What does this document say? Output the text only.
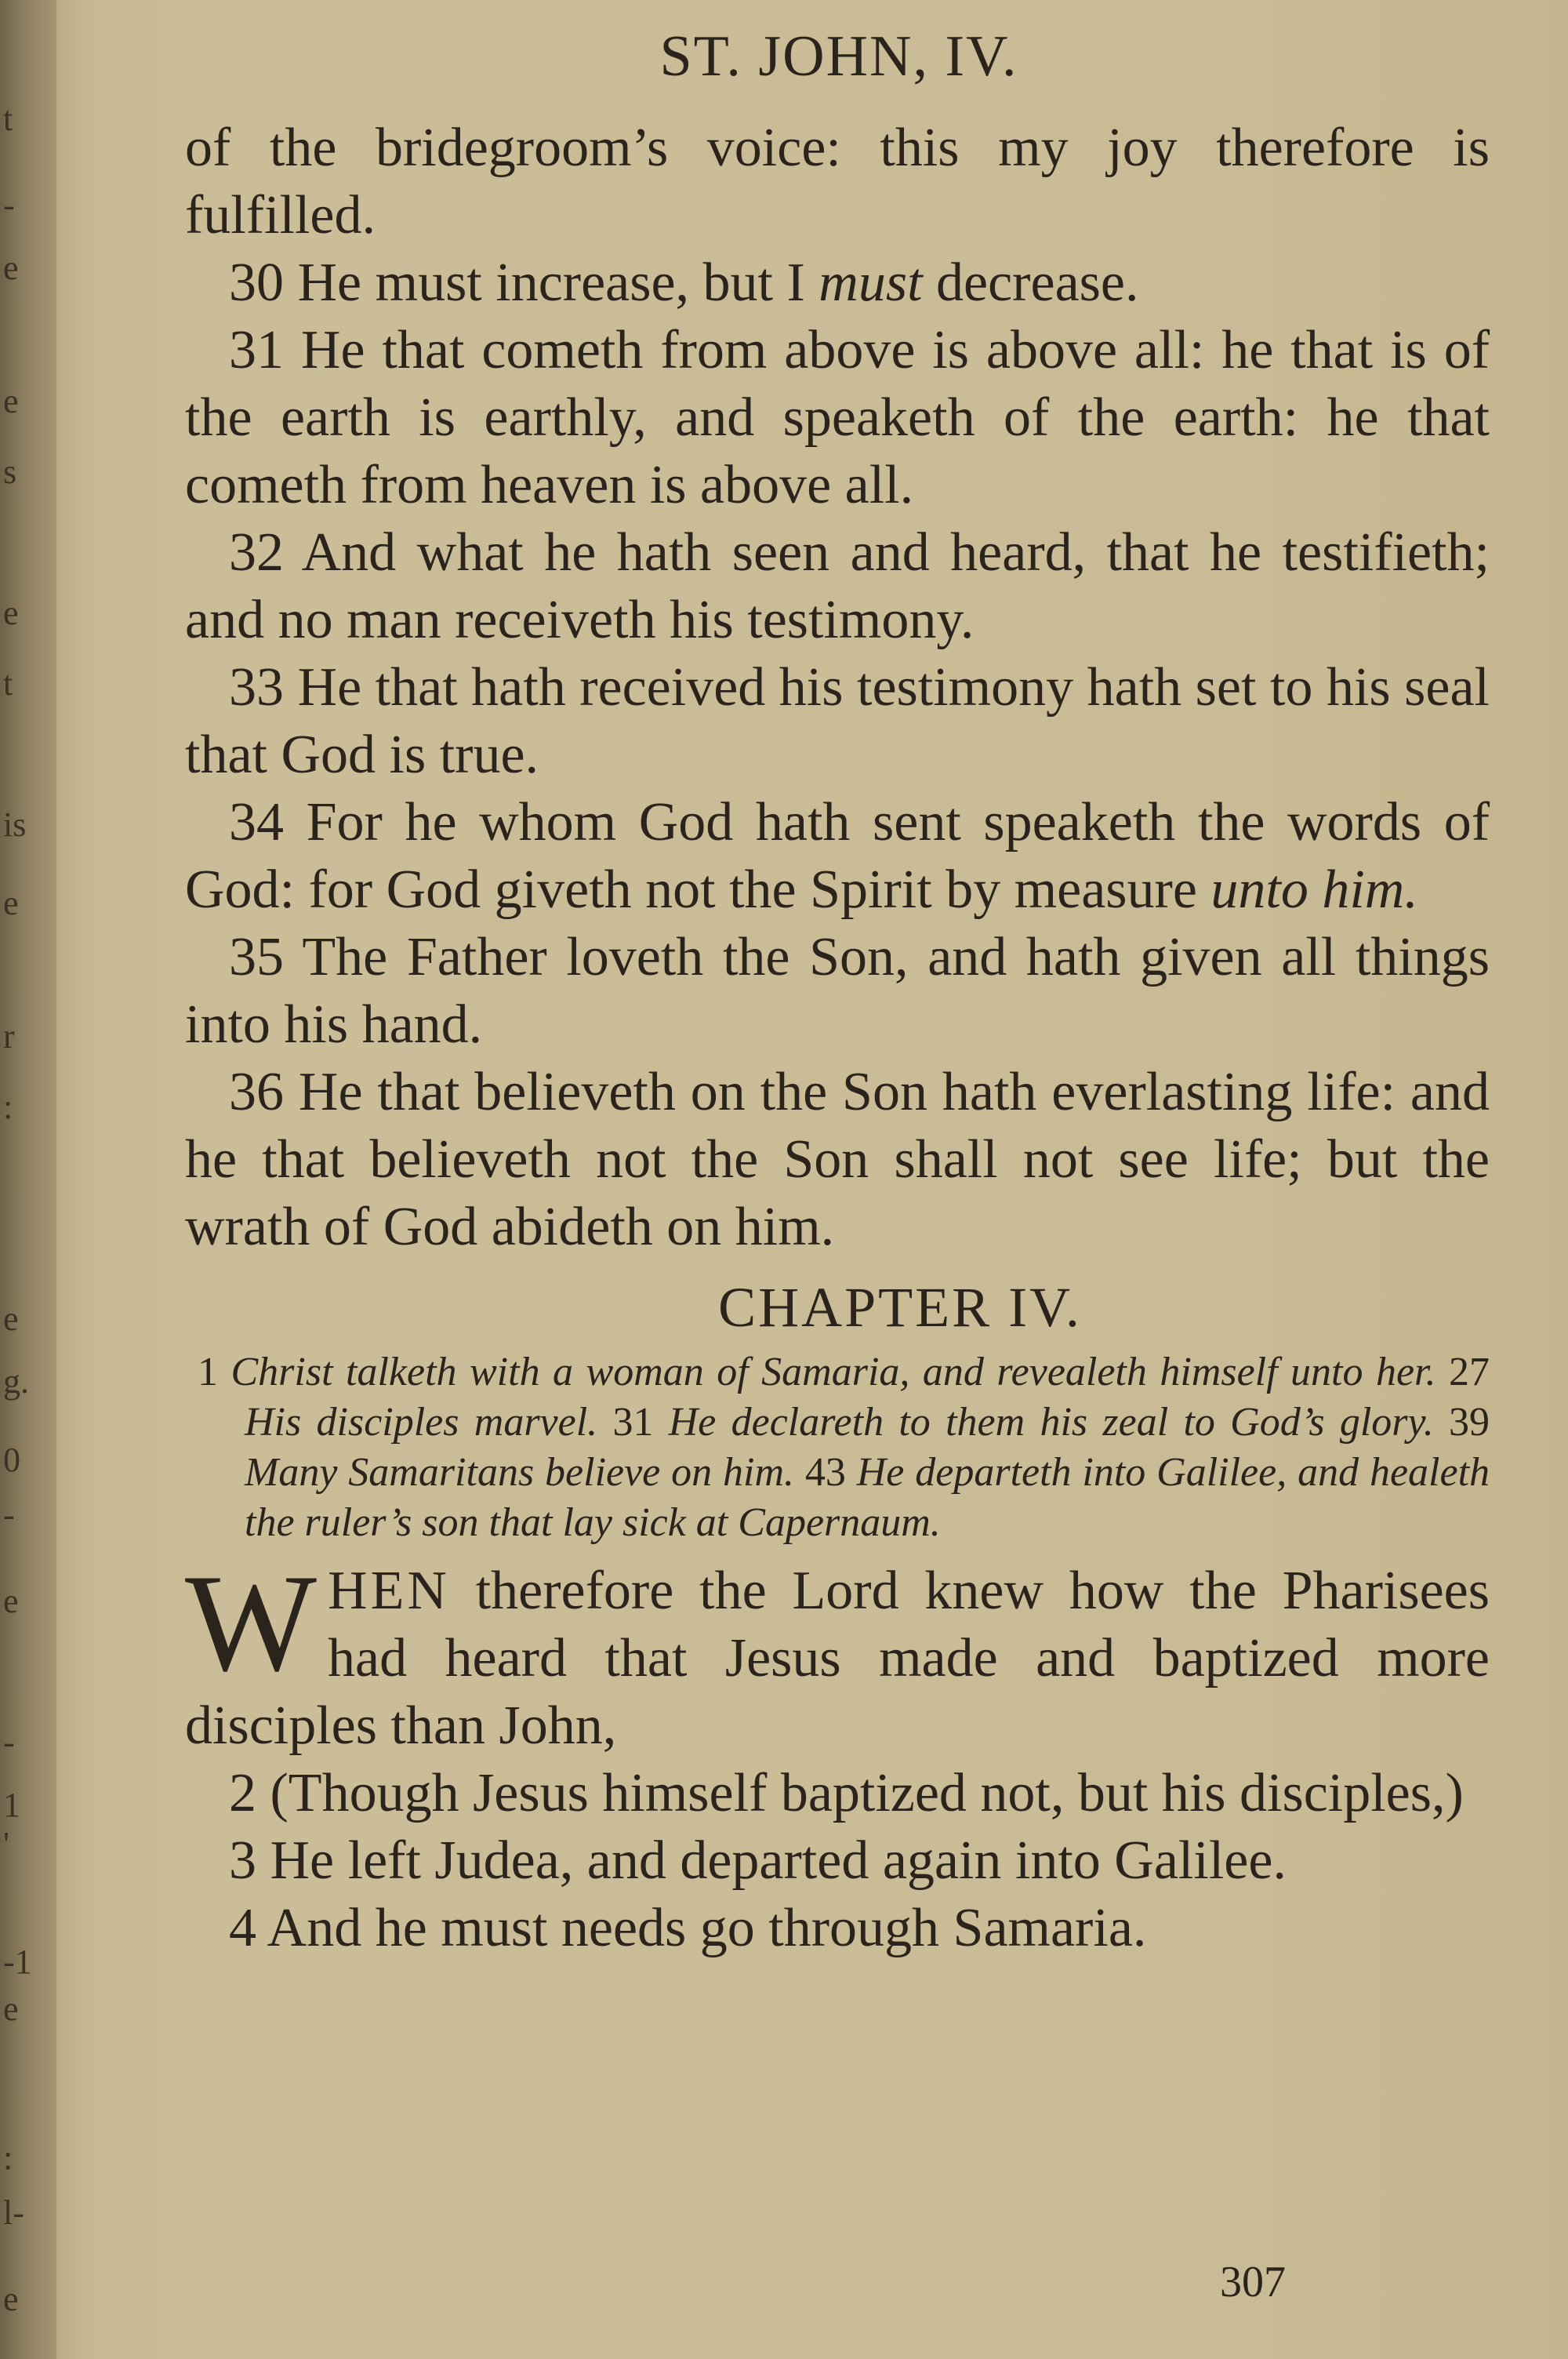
t
-
e
e
s
e
t
is
e
r
:
e
g.
0
-
e
-
1
'
-1
e
:
l-
e
ST. JOHN, IV.

of the bridegroom’s voice: this my joy therefore is fulfilled.

30 He must increase, but I must decrease.

31 He that cometh from above is above all: he that is of the earth is earthly, and speaketh of the earth: he that cometh from heaven is above all.

32 And what he hath seen and heard, that he testifieth; and no man receiveth his testimony.

33 He that hath received his testimony hath set to his seal that God is true.

34 For he whom God hath sent speaketh the words of God: for God giveth not the Spirit by measure unto him.

35 The Father loveth the Son, and hath given all things into his hand.

36 He that believeth on the Son hath everlasting life: and he that believeth not the Son shall not see life; but the wrath of God abideth on him.

CHAPTER IV.

1 Christ talketh with a woman of Samaria, and revealeth himself unto her. 27 His disciples marvel. 31 He declareth to them his zeal to God’s glory. 39 Many Samaritans believe on him. 43 He departeth into Galilee, and healeth the ruler’s son that lay sick at Capernaum.

WHEN therefore the Lord knew how the Pharisees had heard that Jesus made and baptized more disciples than John,

2 (Though Jesus himself baptized not, but his disciples,)

3 He left Judea, and departed again into Galilee.

4 And he must needs go through Samaria.

307
